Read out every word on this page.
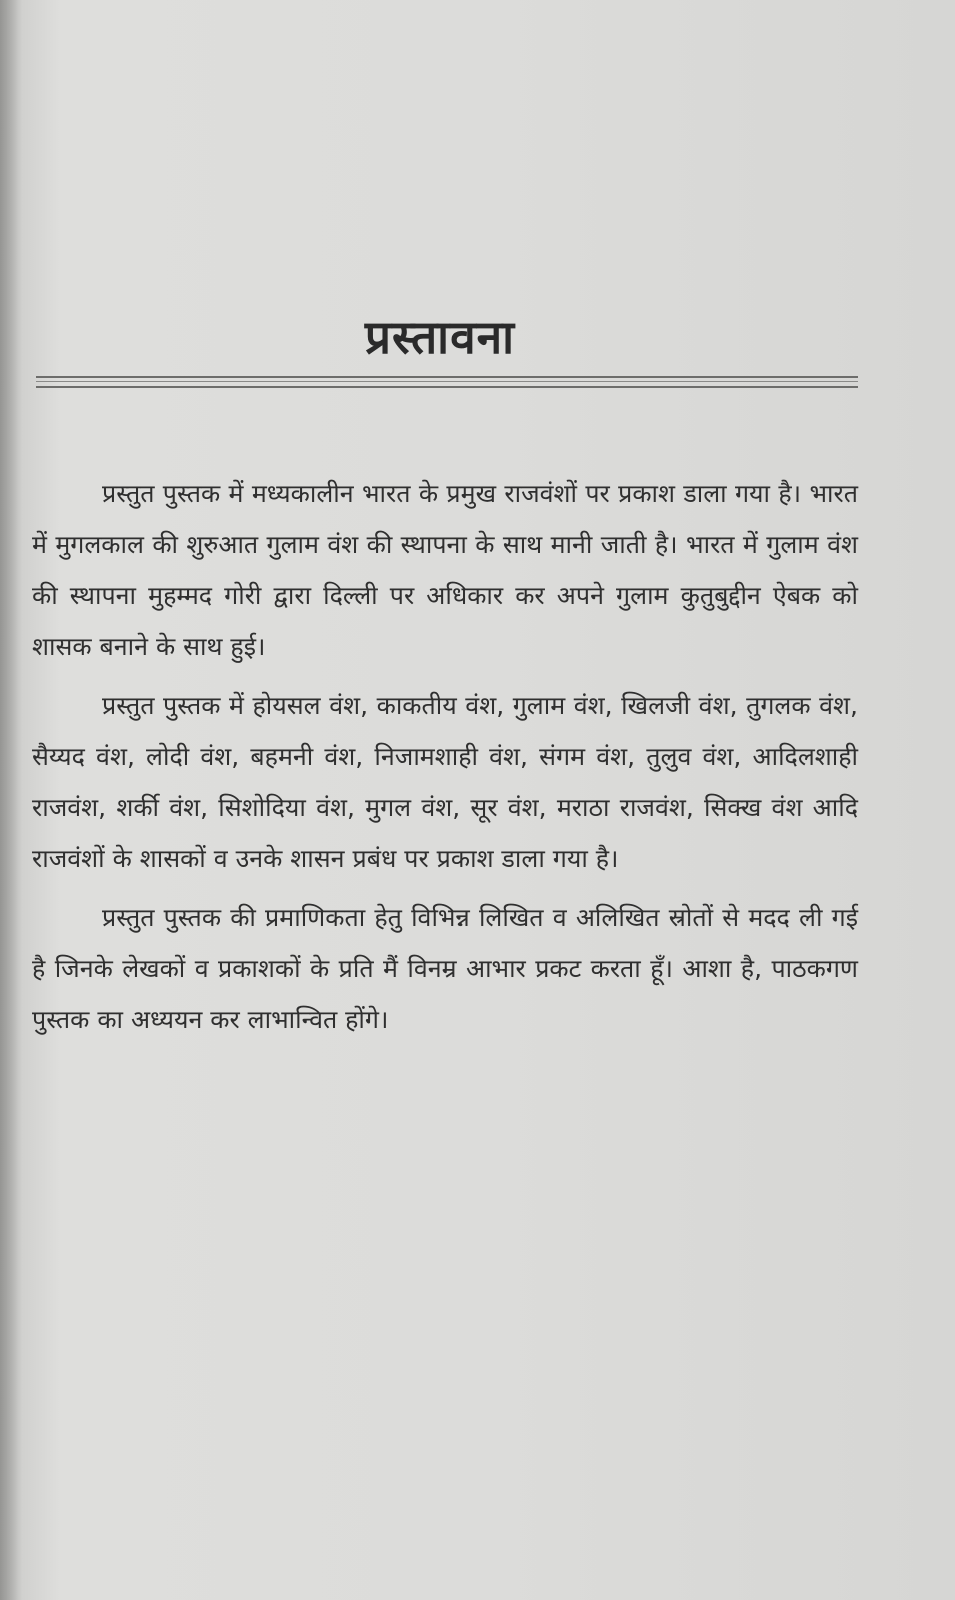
प्रस्तावना

प्रस्तुत पुस्तक में मध्यकालीन भारत के प्रमुख राजवंशों पर प्रकाश डाला गया है। भारत में मुगलकाल की शुरुआत गुलाम वंश की स्थापना के साथ मानी जाती है। भारत में गुलाम वंश की स्थापना मुहम्मद गोरी द्वारा दिल्ली पर अधिकार कर अपने गुलाम कुतुबुद्दीन ऐबक को शासक बनाने के साथ हुई।

प्रस्तुत पुस्तक में होयसल वंश, काकतीय वंश, गुलाम वंश, खिलजी वंश, तुगलक वंश, सैय्यद वंश, लोदी वंश, बहमनी वंश, निजामशाही वंश, संगम वंश, तुलुव वंश, आदिलशाही राजवंश, शर्की वंश, सिशोदिया वंश, मुगल वंश, सूर वंश, मराठा राजवंश, सिक्ख वंश आदि राजवंशों के शासकों व उनके शासन प्रबंध पर प्रकाश डाला गया है।

प्रस्तुत पुस्तक की प्रमाणिकता हेतु विभिन्न लिखित व अलिखित स्रोतों से मदद ली गई है जिनके लेखकों व प्रकाशकों के प्रति मैं विनम्र आभार प्रकट करता हूँ। आशा है, पाठकगण पुस्तक का अध्ययन कर लाभान्वित होंगे।
